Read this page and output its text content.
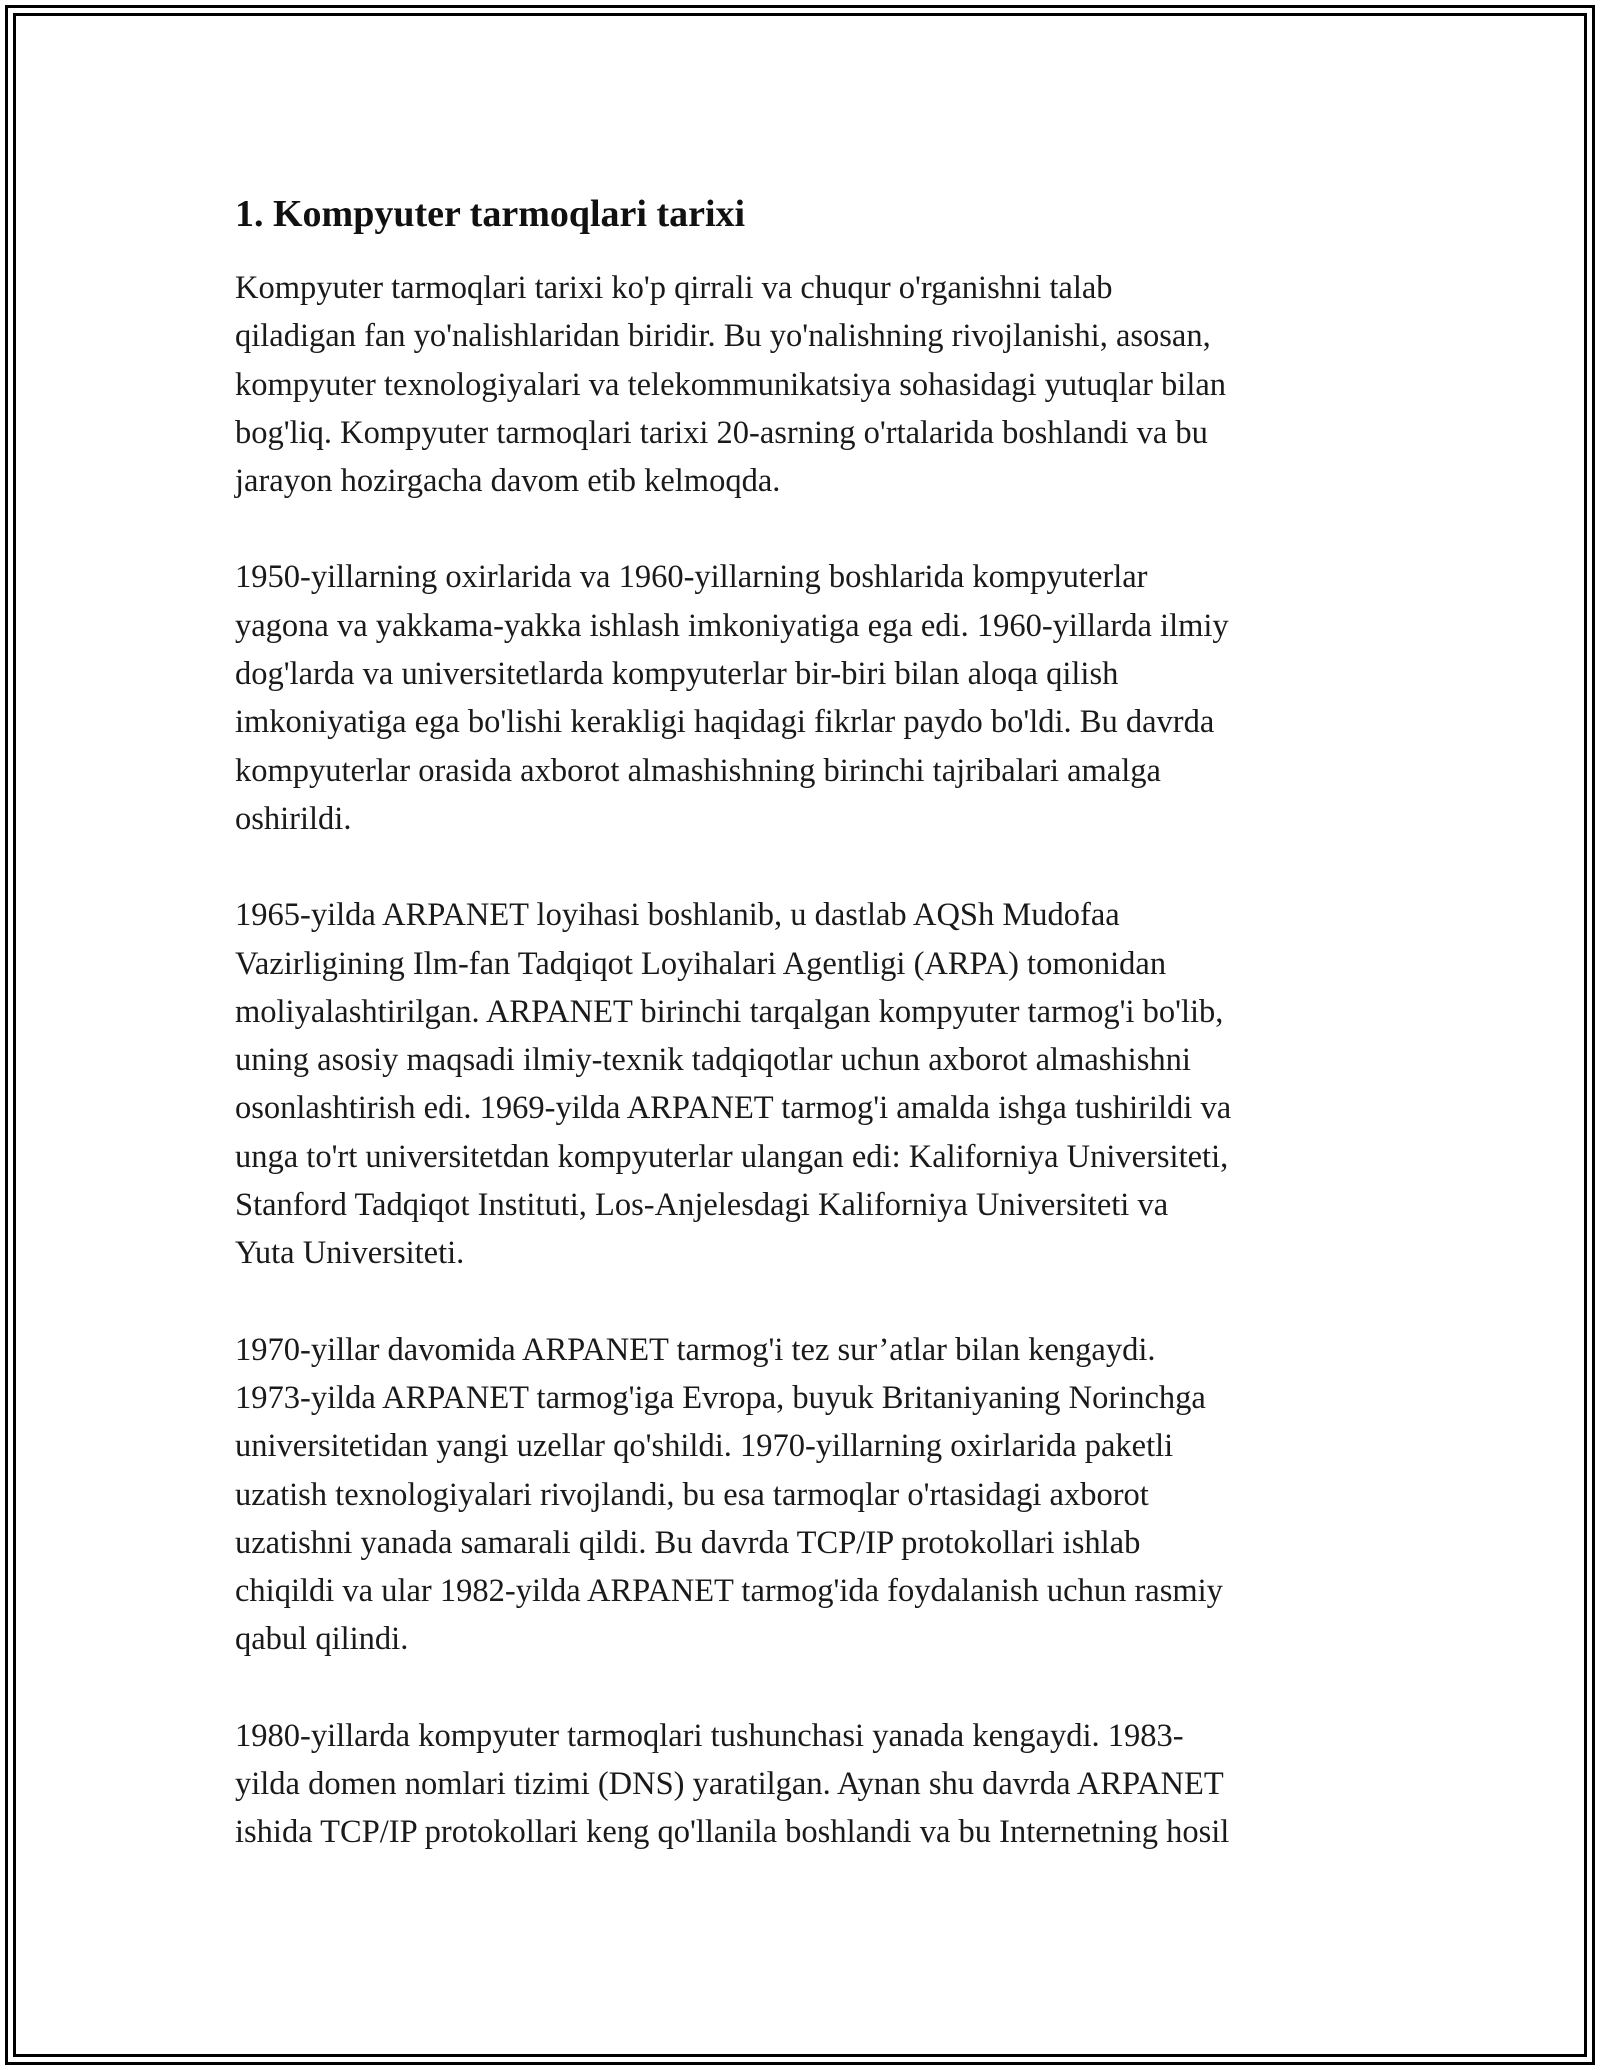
1. Kompyuter tarmoqlari tarixi

Kompyuter tarmoqlari tarixi ko'p qirrali va chuqur o'rganishni talab
qiladigan fan yo'nalishlaridan biridir. Bu yo'nalishning rivojlanishi, asosan,
kompyuter texnologiyalari va telekommunikatsiya sohasidagi yutuqlar bilan
bog'liq. Kompyuter tarmoqlari tarixi 20-asrning o'rtalarida boshlandi va bu
jarayon hozirgacha davom etib kelmoqda.

1950-yillarning oxirlarida va 1960-yillarning boshlarida kompyuterlar
yagona va yakkama-yakka ishlash imkoniyatiga ega edi. 1960-yillarda ilmiy
dog'larda va universitetlarda kompyuterlar bir-biri bilan aloqa qilish
imkoniyatiga ega bo'lishi kerakligi haqidagi fikrlar paydo bo'ldi. Bu davrda
kompyuterlar orasida axborot almashishning birinchi tajribalari amalga
oshirildi.

1965-yilda ARPANET loyihasi boshlanib, u dastlab AQSh Mudofaa
Vazirligining Ilm-fan Tadqiqot Loyihalari Agentligi (ARPA) tomonidan
moliyalashtirilgan. ARPANET birinchi tarqalgan kompyuter tarmog'i bo'lib,
uning asosiy maqsadi ilmiy-texnik tadqiqotlar uchun axborot almashishni
osonlashtirish edi. 1969-yilda ARPANET tarmog'i amalda ishga tushirildi va
unga to'rt universitetdan kompyuterlar ulangan edi: Kaliforniya Universiteti,
Stanford Tadqiqot Instituti, Los-Anjelesdagi Kaliforniya Universiteti va
Yuta Universiteti.

1970-yillar davomida ARPANET tarmog'i tez sur’atlar bilan kengaydi.
1973-yilda ARPANET tarmog'iga Evropa, buyuk Britaniyaning Norinchga
universitetidan yangi uzellar qo'shildi. 1970-yillarning oxirlarida paketli
uzatish texnologiyalari rivojlandi, bu esa tarmoqlar o'rtasidagi axborot
uzatishni yanada samarali qildi. Bu davrda TCP/IP protokollari ishlab
chiqildi va ular 1982-yilda ARPANET tarmog'ida foydalanish uchun rasmiy
qabul qilindi.

1980-yillarda kompyuter tarmoqlari tushunchasi yanada kengaydi. 1983-
yilda domen nomlari tizimi (DNS) yaratilgan. Aynan shu davrda ARPANET
ishida TCP/IP protokollari keng qo'llanila boshlandi va bu Internetning hosil
